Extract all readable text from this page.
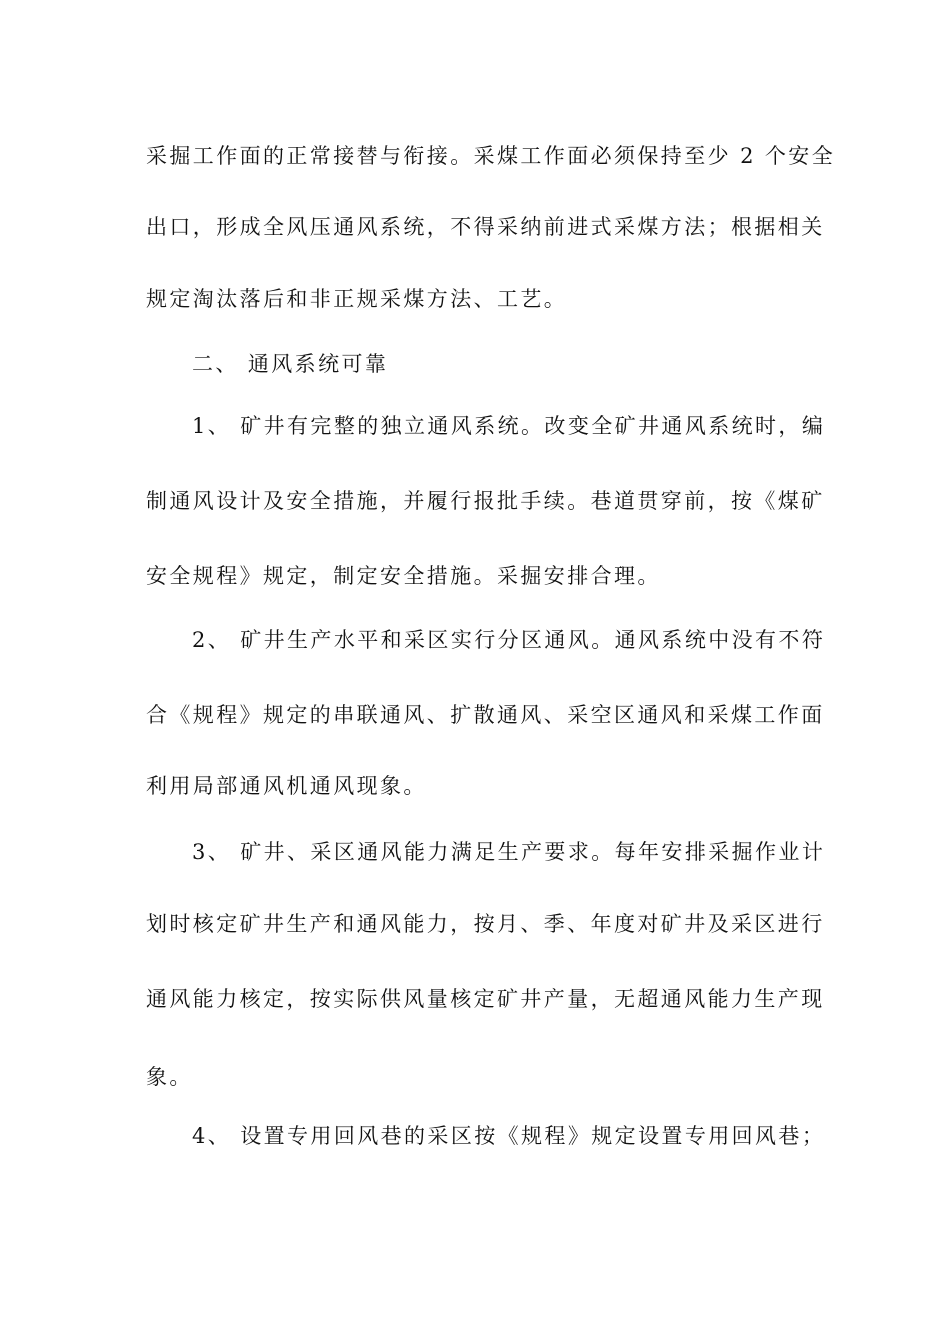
采掘工作面的正常接替与衔接。采煤工作面必须保持至少 2 个安全
出口，形成全风压通风系统，不得采纳前进式采煤方法；根据相关
规定淘汰落后和非正规采煤方法、工艺。
二、 通风系统可靠
1、 矿井有完整的独立通风系统。改变全矿井通风系统时，编
制通风设计及安全措施，并履行报批手续。巷道贯穿前，按《煤矿
安全规程》规定，制定安全措施。采掘安排合理。
2、 矿井生产水平和采区实行分区通风。通风系统中没有不符
合《规程》规定的串联通风、扩散通风、采空区通风和采煤工作面
利用局部通风机通风现象。
3、 矿井、采区通风能力满足生产要求。每年安排采掘作业计
划时核定矿井生产和通风能力，按月、季、年度对矿井及采区进行
通风能力核定，按实际供风量核定矿井产量，无超通风能力生产现
象。
4、 设置专用回风巷的采区按《规程》规定设置专用回风巷；
